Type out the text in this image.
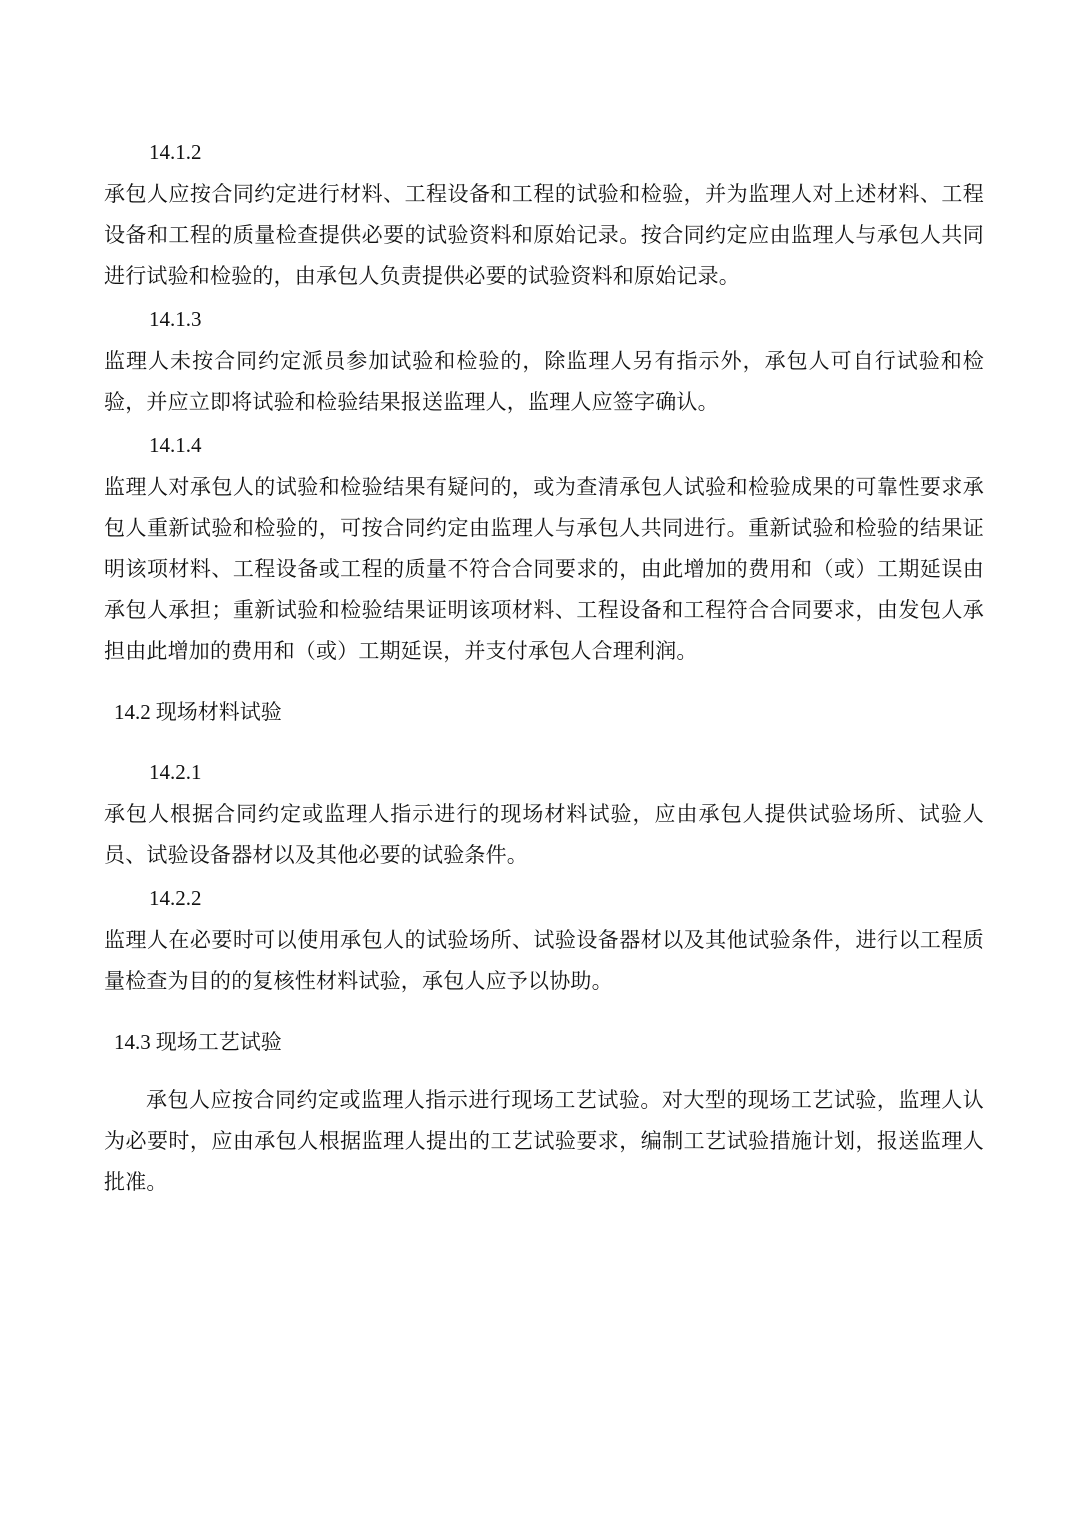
14.1.2

承包人应按合同约定进行材料、工程设备和工程的试验和检验，并为监理人对上述材料、工程设备和工程的质量检查提供必要的试验资料和原始记录。按合同约定应由监理人与承包人共同进行试验和检验的，由承包人负责提供必要的试验资料和原始记录。

14.1.3

监理人未按合同约定派员参加试验和检验的，除监理人另有指示外，承包人可自行试验和检验，并应立即将试验和检验结果报送监理人，监理人应签字确认。

14.1.4

监理人对承包人的试验和检验结果有疑问的，或为查清承包人试验和检验成果的可靠性要求承包人重新试验和检验的，可按合同约定由监理人与承包人共同进行。重新试验和检验的结果证明该项材料、工程设备或工程的质量不符合合同要求的，由此增加的费用和（或）工期延误由承包人承担；重新试验和检验结果证明该项材料、工程设备和工程符合合同要求，由发包人承担由此增加的费用和（或）工期延误，并支付承包人合理利润。

14.2 现场材料试验
14.2.1

承包人根据合同约定或监理人指示进行的现场材料试验，应由承包人提供试验场所、试验人员、试验设备器材以及其他必要的试验条件。

14.2.2

监理人在必要时可以使用承包人的试验场所、试验设备器材以及其他试验条件，进行以工程质量检查为目的的复核性材料试验，承包人应予以协助。

14.3 现场工艺试验

承包人应按合同约定或监理人指示进行现场工艺试验。对大型的现场工艺试验，监理人认为必要时，应由承包人根据监理人提出的工艺试验要求，编制工艺试验措施计划，报送监理人批准。
